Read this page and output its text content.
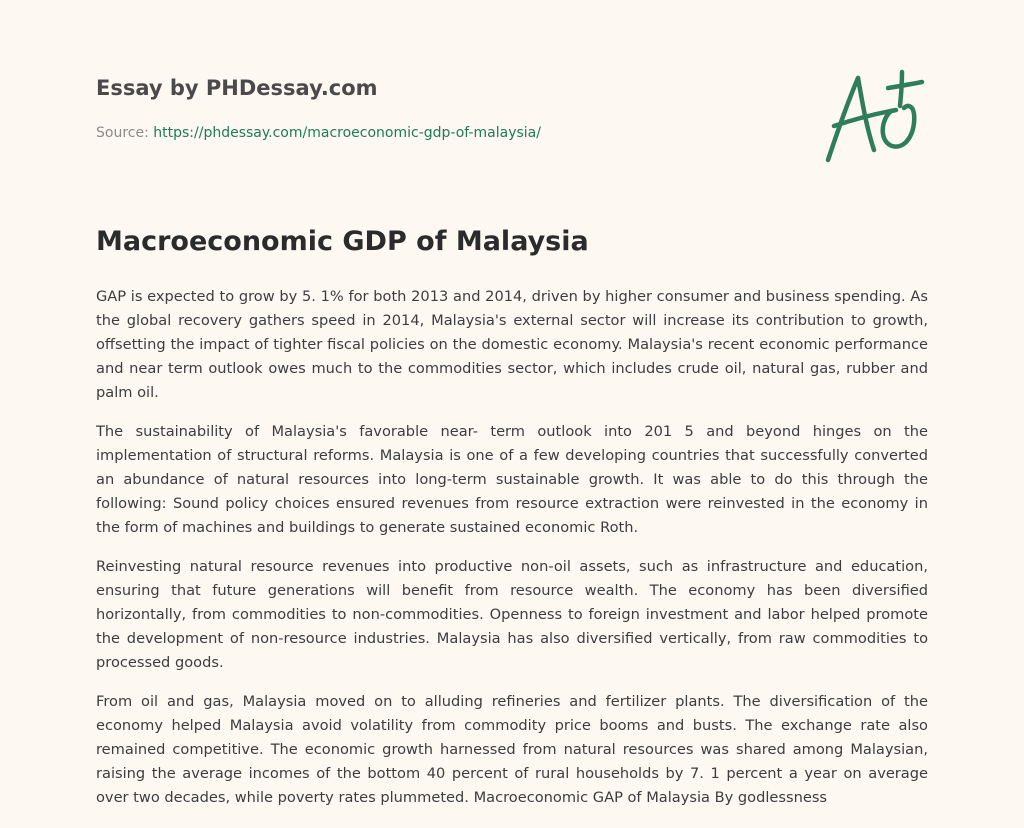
Essay by PHDessay.com
Source: https://phdessay.com/macroeconomic-gdp-of-malaysia/
Macroeconomic GDP of Malaysia

GAP is expected to grow by 5. 1% for both 2013 and 2014, driven by higher consumer and business spending. As the global recovery gathers speed in 2014, Malaysia's external sector will increase its contribution to growth, offsetting the impact of tighter fiscal policies on the domestic economy. Malaysia's recent economic performance and near term outlook owes much to the commodities sector, which includes crude oil, natural gas, rubber and palm oil.

The sustainability of Malaysia's favorable near- term outlook into 201 5 and beyond hinges on the implementation of structural reforms. Malaysia is one of a few developing countries that successfully converted an abundance of natural resources into long-term sustainable growth. It was able to do this through the following: Sound policy choices ensured revenues from resource extraction were reinvested in the economy in the form of machines and buildings to generate sustained economic Roth.

Reinvesting natural resource revenues into productive non-oil assets, such as infrastructure and education, ensuring that future generations will benefit from resource wealth. The economy has been diversified horizontally, from commodities to non-commodities. Openness to foreign investment and labor helped promote the development of non-resource industries. Malaysia has also diversified vertically, from raw commodities to processed goods.

From oil and gas, Malaysia moved on to alluding refineries and fertilizer plants. The diversification of the economy helped Malaysia avoid volatility from commodity price booms and busts. The exchange rate also remained competitive. The economic growth harnessed from natural resources was shared among Malaysian, raising the average incomes of the bottom 40 percent of rural households by 7. 1 percent a year on average over two decades, while poverty rates plummeted. Macroeconomic GAP of Malaysia By godlessness
